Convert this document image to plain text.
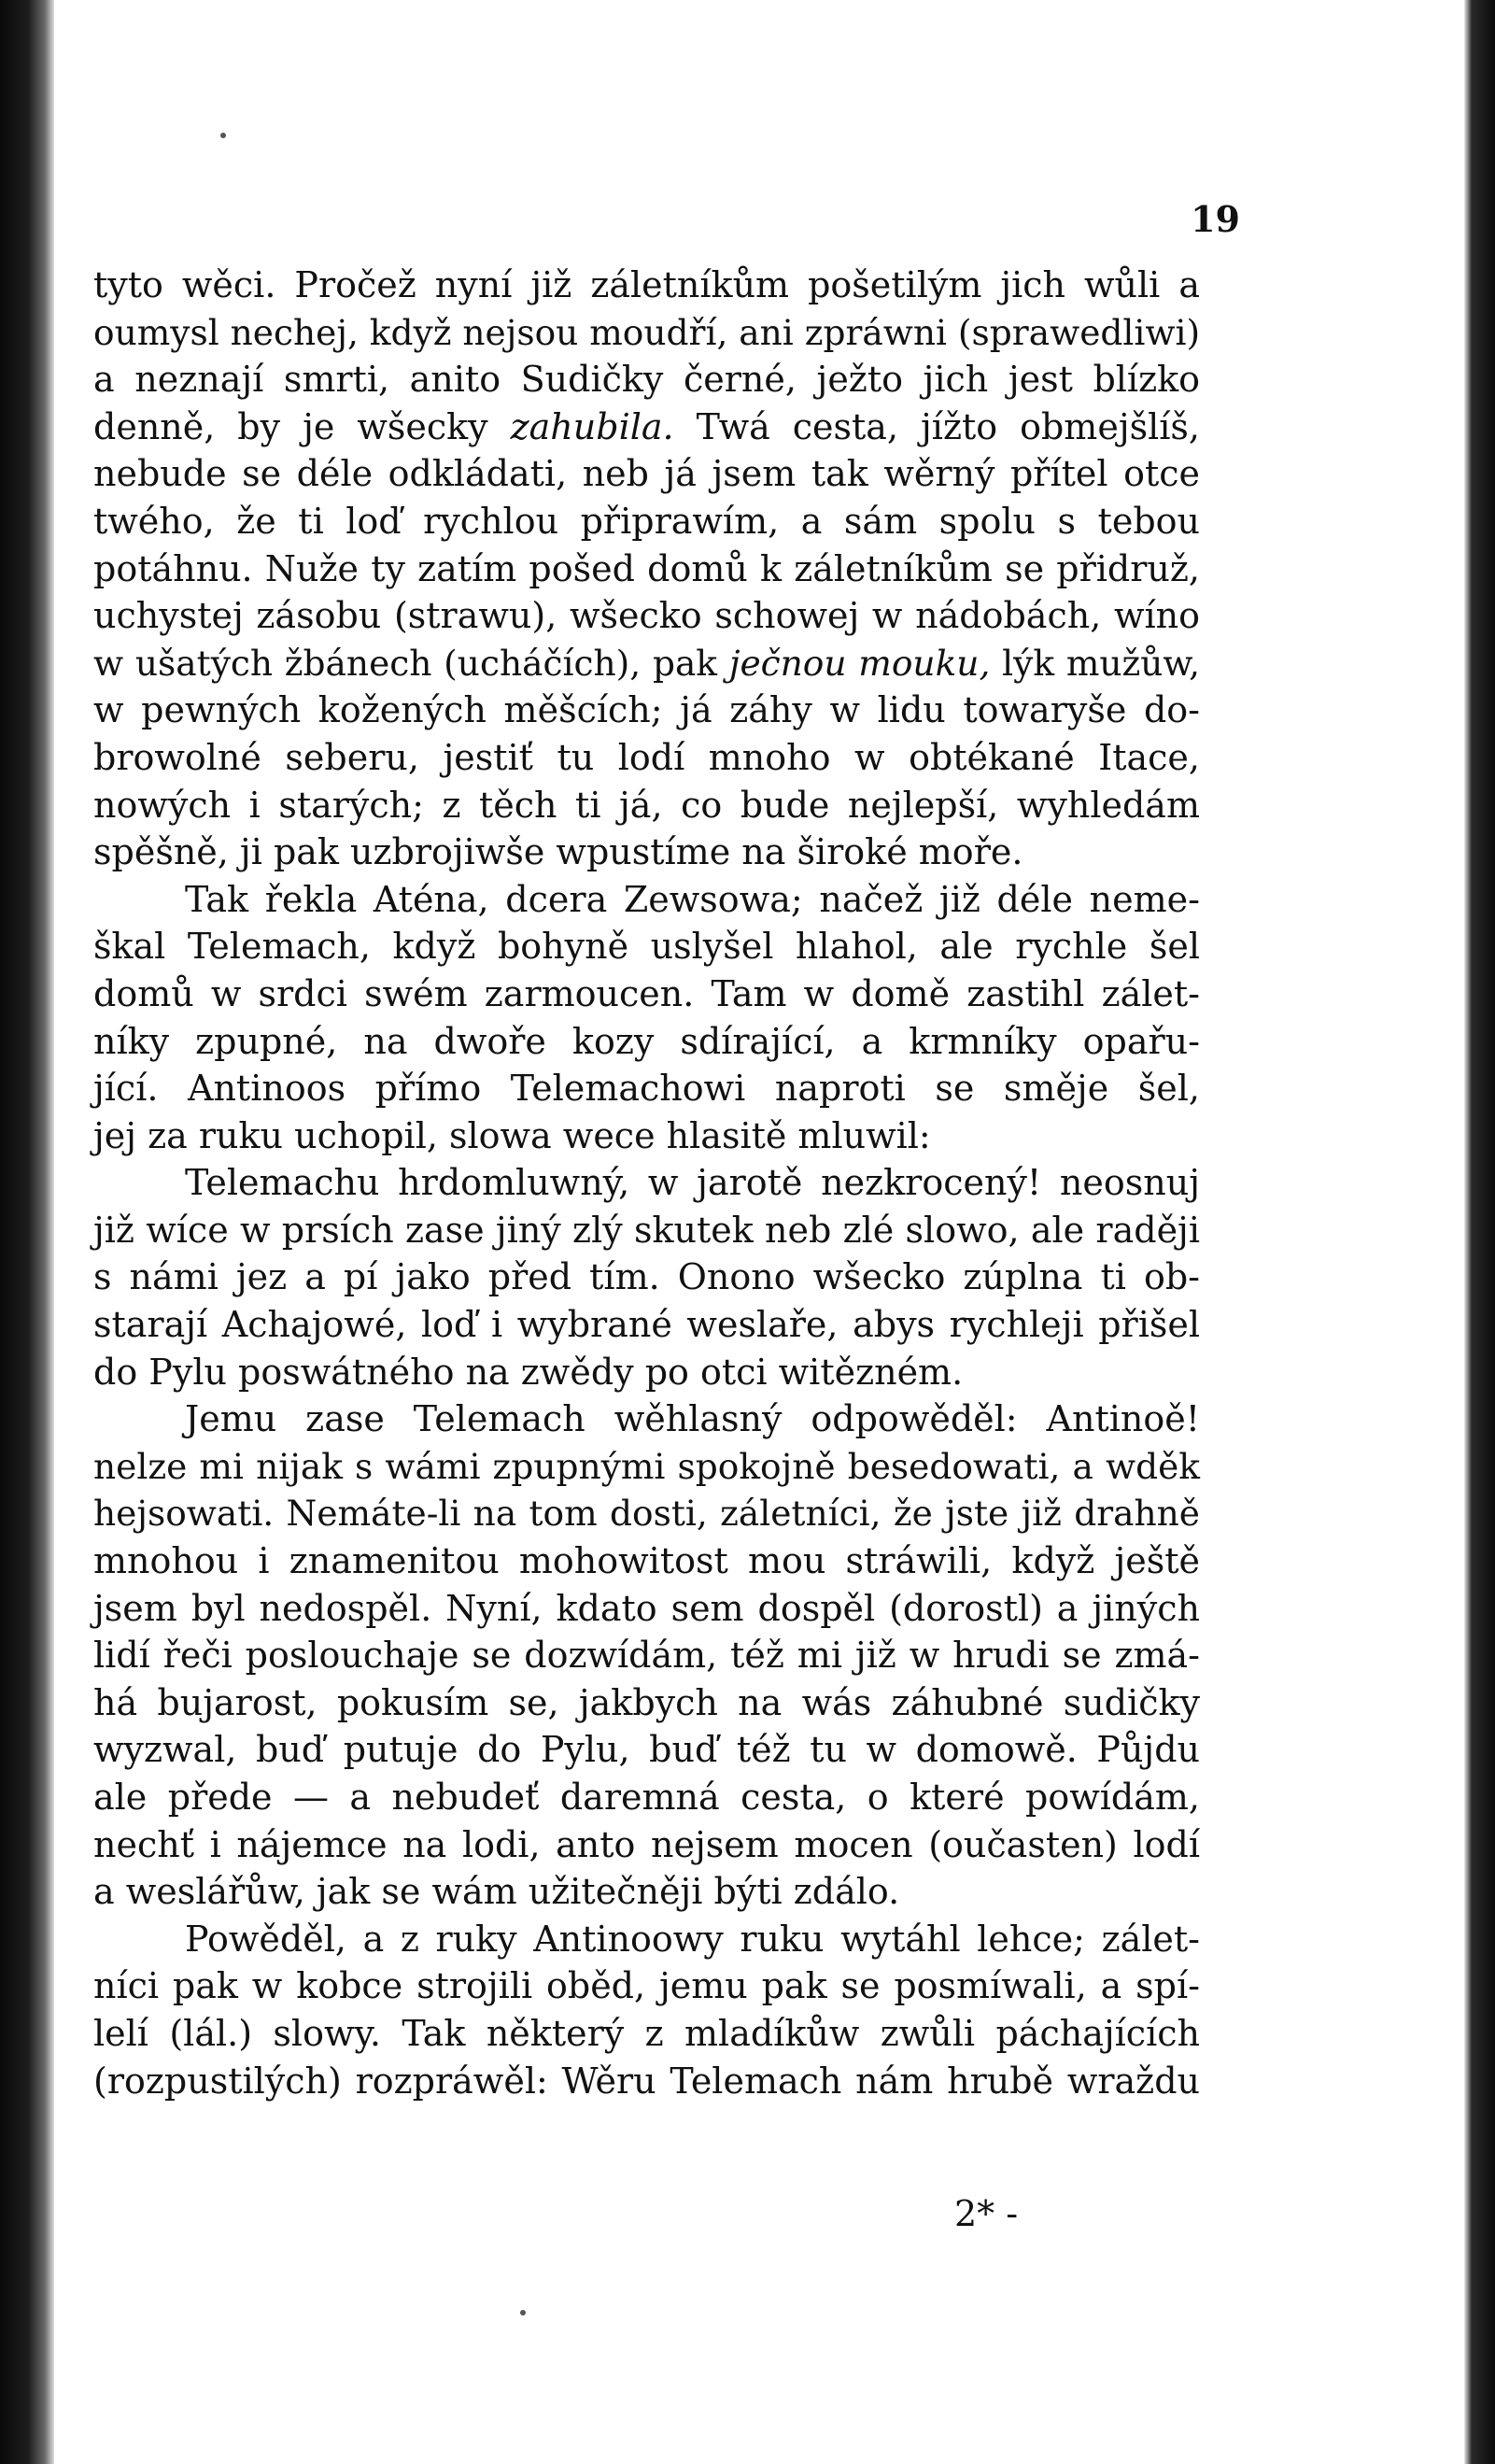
19
tyto wěci. Pročež nyní již záletníkům pošetilým jich wůli a
oumysl nechej, když nejsou moudří, ani zpráwni (sprawedliwi)
a neznají smrti, anito Sudičky černé, ježto jich jest blízko
denně, by je wšecky zahubila. Twá cesta, jížto obmejšlíš,
nebude se déle odkládati, neb já jsem tak wěrný přítel otce
twého, že ti loď rychlou připrawím, a sám spolu s tebou
potáhnu. Nuže ty zatím pošed domů k záletníkům se přidruž,
uchystej zásobu (strawu), wšecko schowej w nádobách, wíno
w ušatých žbánech (ucháčích), pak ječnou mouku, lýk mužůw,
w pewných kožených měšcích; já záhy w lidu towaryše do-
browolné seberu, jestiť tu lodí mnoho w obtékané Itace,
nowých i starých; z těch ti já, co bude nejlepší, wyhledám
spěšně, ji pak uzbrojiwše wpustíme na široké moře.
Tak řekla Aténa, dcera Zewsowa; načež již déle neme-
škal Telemach, když bohyně uslyšel hlahol, ale rychle šel
domů w srdci swém zarmoucen. Tam w domě zastihl zálet-
níky zpupné, na dwoře kozy sdírající, a krmníky opařu-
jící. Antinoos přímo Telemachowi naproti se směje šel,
jej za ruku uchopil, slowa wece hlasitě mluwil:
Telemachu hrdomluwný, w jarotě nezkrocený! neosnuj
již wíce w prsích zase jiný zlý skutek neb zlé slowo, ale raději
s námi jez a pí jako před tím. Onono wšecko zúplna ti ob-
starají Achajowé, loď i wybrané weslaře, abys rychleji přišel
do Pylu poswátného na zwědy po otci witězném.
Jemu zase Telemach wěhlasný odpowěděl: Antinoě!
nelze mi nijak s wámi zpupnými spokojně besedowati, a wděk
hejsowati. Nemáte-li na tom dosti, záletníci, že jste již drahně
mnohou i znamenitou mohowitost mou stráwili, když ještě
jsem byl nedospěl. Nyní, kdato sem dospěl (dorostl) a jiných
lidí řeči poslouchaje se dozwídám, též mi již w hrudi se zmá-
há bujarost, pokusím se, jakbych na wás záhubné sudičky
wyzwal, buď putuje do Pylu, buď též tu w domowě. Půjdu
ale přede — a nebudeť daremná cesta, o které powídám,
nechť i nájemce na lodi, anto nejsem mocen (oučasten) lodí
a weslářůw, jak se wám užitečněji býti zdálo.
Powěděl, a z ruky Antinoowy ruku wytáhl lehce; zálet-
níci pak w kobce strojili oběd, jemu pak se posmíwali, a spí-
lelí (lál.) slowy. Tak některý z mladíkůw zwůli páchajících
(rozpustilých) rozpráwěl: Wěru Telemach nám hrubě wraždu
2* -
